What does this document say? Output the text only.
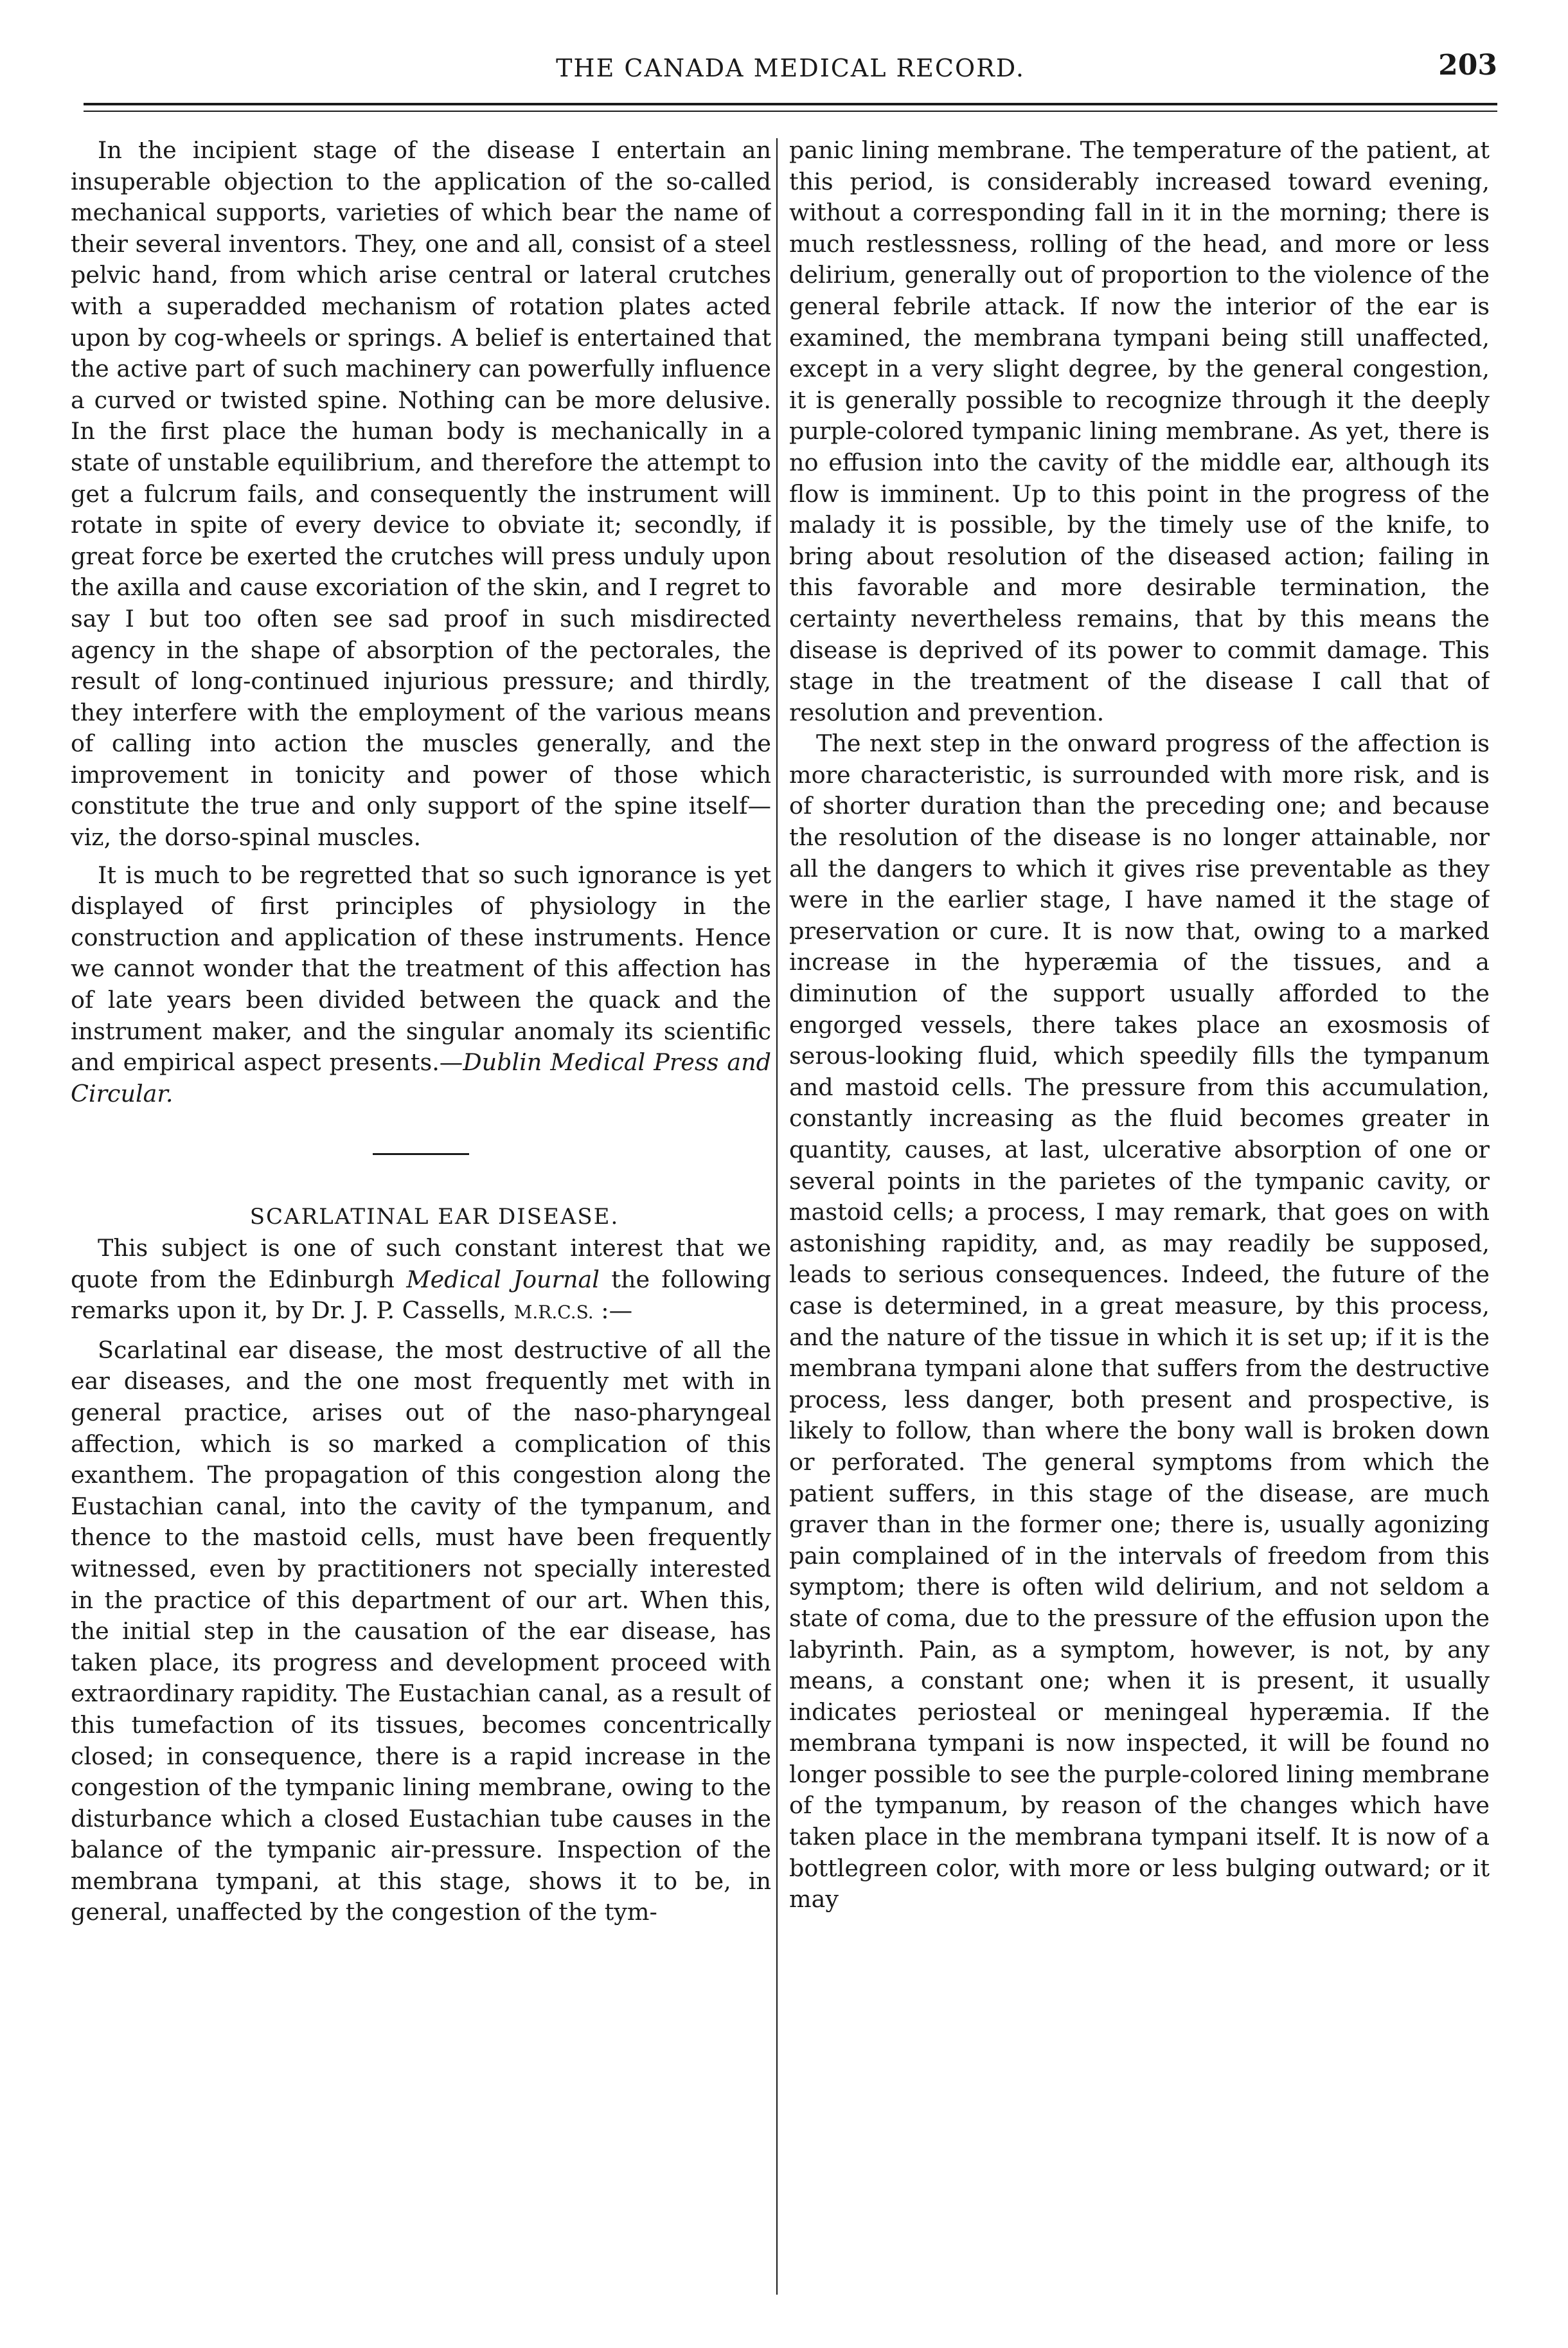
THE CANADA MEDICAL RECORD.	203

In the incipient stage of the disease I entertain an insuperable objection to the application of the so-called mechanical supports, varieties of which bear the name of their several inventors. They, one and all, consist of a steel pelvic hand, from which arise central or lateral crutches with a superadded mechanism of rotation plates acted upon by cog-wheels or springs. A belief is entertained that the active part of such machinery can powerfully influence a curved or twisted spine. Nothing can be more delusive. In the first place the human body is mechanically in a state of unstable equilibrium, and therefore the attempt to get a fulcrum fails, and consequently the instrument will rotate in spite of every device to obviate it; secondly, if great force be exerted the crutches will press unduly upon the axilla and cause excoriation of the skin, and I regret to say I but too often see sad proof in such misdirected agency in the shape of absorption of the pectorales, the result of long-continued injurious pressure; and thirdly, they interfere with the employment of the various means of calling into action the muscles generally, and the improvement in tonicity and power of those which constitute the true and only support of the spine itself—viz, the dorso-spinal muscles.

It is much to be regretted that so such ignorance is yet displayed of first principles of physiology in the construction and application of these instruments. Hence we cannot wonder that the treatment of this affection has of late years been divided between the quack and the instrument maker, and the singular anomaly its scientific and empirical aspect presents.—Dublin Medical Press and Circular.

SCARLATINAL EAR DISEASE.

This subject is one of such constant interest that we quote from the Edinburgh Medical Journal the following remarks upon it, by Dr. J. P. Cassells, M.R.C.S. :—

Scarlatinal ear disease, the most destructive of all the ear diseases, and the one most frequently met with in general practice, arises out of the naso-pharyngeal affection, which is so marked a complication of this exanthem. The propagation of this congestion along the Eustachian canal, into the cavity of the tympanum, and thence to the mastoid cells, must have been frequently witnessed, even by practitioners not specially interested in the practice of this department of our art. When this, the initial step in the causation of the ear disease, has taken place, its progress and development proceed with extraordinary rapidity. The Eustachian canal, as a result of this tumefaction of its tissues, becomes concentrically closed; in consequence, there is a rapid increase in the congestion of the tympanic lining membrane, owing to the disturbance which a closed Eustachian tube causes in the balance of the tympanic air-pressure. Inspection of the membrana tympani, at this stage, shows it to be, in general, unaffected by the congestion of the tym-

panic lining membrane. The temperature of the patient, at this period, is considerably increased toward evening, without a corresponding fall in it in the morning; there is much restlessness, rolling of the head, and more or less delirium, generally out of proportion to the violence of the general febrile attack. If now the interior of the ear is examined, the membrana tympani being still unaffected, except in a very slight degree, by the general congestion, it is generally possible to recognize through it the deeply purple-colored tympanic lining membrane. As yet, there is no effusion into the cavity of the middle ear, although its flow is imminent. Up to this point in the progress of the malady it is possible, by the timely use of the knife, to bring about resolution of the diseased action; failing in this favorable and more desirable termination, the certainty nevertheless remains, that by this means the disease is deprived of its power to commit damage. This stage in the treatment of the disease I call that of resolution and prevention.

The next step in the onward progress of the affection is more characteristic, is surrounded with more risk, and is of shorter duration than the preceding one; and because the resolution of the disease is no longer attainable, nor all the dangers to which it gives rise preventable as they were in the earlier stage, I have named it the stage of preservation or cure. It is now that, owing to a marked increase in the hyperæmia of the tissues, and a diminution of the support usually afforded to the engorged vessels, there takes place an exosmosis of serous-looking fluid, which speedily fills the tympanum and mastoid cells. The pressure from this accumulation, constantly increasing as the fluid becomes greater in quantity, causes, at last, ulcerative absorption of one or several points in the parietes of the tympanic cavity, or mastoid cells; a process, I may remark, that goes on with astonishing rapidity, and, as may readily be supposed, leads to serious consequences. Indeed, the future of the case is determined, in a great measure, by this process, and the nature of the tissue in which it is set up; if it is the membrana tympani alone that suffers from the destructive process, less danger, both present and prospective, is likely to follow, than where the bony wall is broken down or perforated. The general symptoms from which the patient suffers, in this stage of the disease, are much graver than in the former one; there is, usually agonizing pain complained of in the intervals of freedom from this symptom; there is often wild delirium, and not seldom a state of coma, due to the pressure of the effusion upon the labyrinth. Pain, as a symptom, however, is not, by any means, a constant one; when it is present, it usually indicates periosteal or meningeal hyperæmia. If the membrana tympani is now inspected, it will be found no longer possible to see the purple-colored lining membrane of the tympanum, by reason of the changes which have taken place in the membrana tympani itself. It is now of a bottlegreen color, with more or less bulging outward; or it may
